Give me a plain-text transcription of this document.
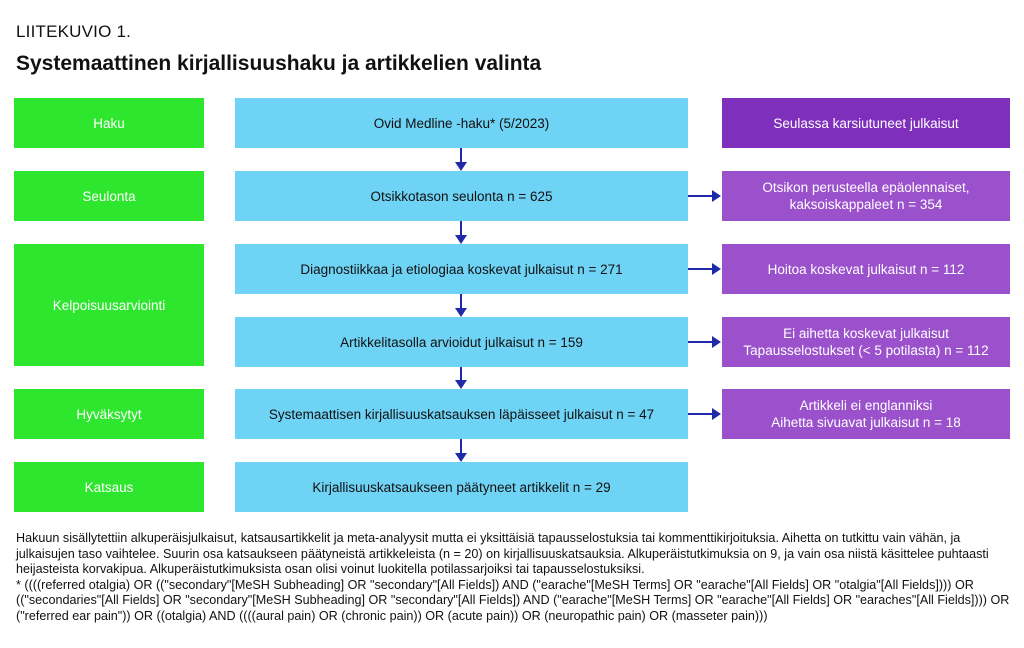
LIITEKUVIO 1.
Systemaattinen kirjallisuushaku ja artikkelien valinta
Haku
Seulonta
Kelpoisuusarviointi
Hyväksytyt
Katsaus
Ovid Medline -haku* (5/2023)
Otsikkotason seulonta n = 625
Diagnostiikkaa ja etiologiaa koskevat julkaisut n = 271
Artikkelitasolla arvioidut julkaisut n = 159
Systemaattisen kirjallisuuskatsauksen läpäisseet julkaisut n = 47
Kirjallisuuskatsaukseen päätyneet artikkelit n = 29
Seulassa karsiutuneet julkaisut
Otsikon perusteella epäolennaiset,
kaksoiskappaleet n = 354
Hoitoa koskevat julkaisut n = 112
Ei aihetta koskevat julkaisut
Tapausselostukset (< 5 potilasta) n = 112
Artikkeli ei englanniksi
Aihetta sivuavat julkaisut n = 18

Hakuun sisällytettiin alkuperäisjulkaisut, katsausartikkelit ja meta-analyysit mutta ei yksittäisiä tapausselostuksia tai kommenttikirjoituksia. Aihetta on tutkittu vain vähän, ja julkaisujen taso vaihtelee. Suurin osa katsaukseen päätyneistä artikkeleista (n = 20) on kirjallisuuskatsauksia. Alkuperäistutkimuksia on 9, ja vain osa niistä käsittelee puhtaasti heijasteista korvakipua. Alkuperäistutkimuksista osan olisi voinut luokitella potilassarjoiksi tai tapausselostuksiksi.

* ((((referred otalgia) OR (("secondary"[MeSH Subheading] OR "secondary"[All Fields]) AND ("earache"[MeSH Terms] OR "earache"[All Fields] OR "otalgia"[All Fields]))) OR (("secondaries"[All Fields] OR "secondary"[MeSH Subheading] OR "secondary"[All Fields]) AND ("earache"[MeSH Terms] OR "earache"[All Fields] OR "earaches"[All Fields]))) OR ("referred ear pain")) OR ((otalgia) AND ((((aural pain) OR (chronic pain)) OR (acute pain)) OR (neuropathic pain) OR (masseter pain)))
